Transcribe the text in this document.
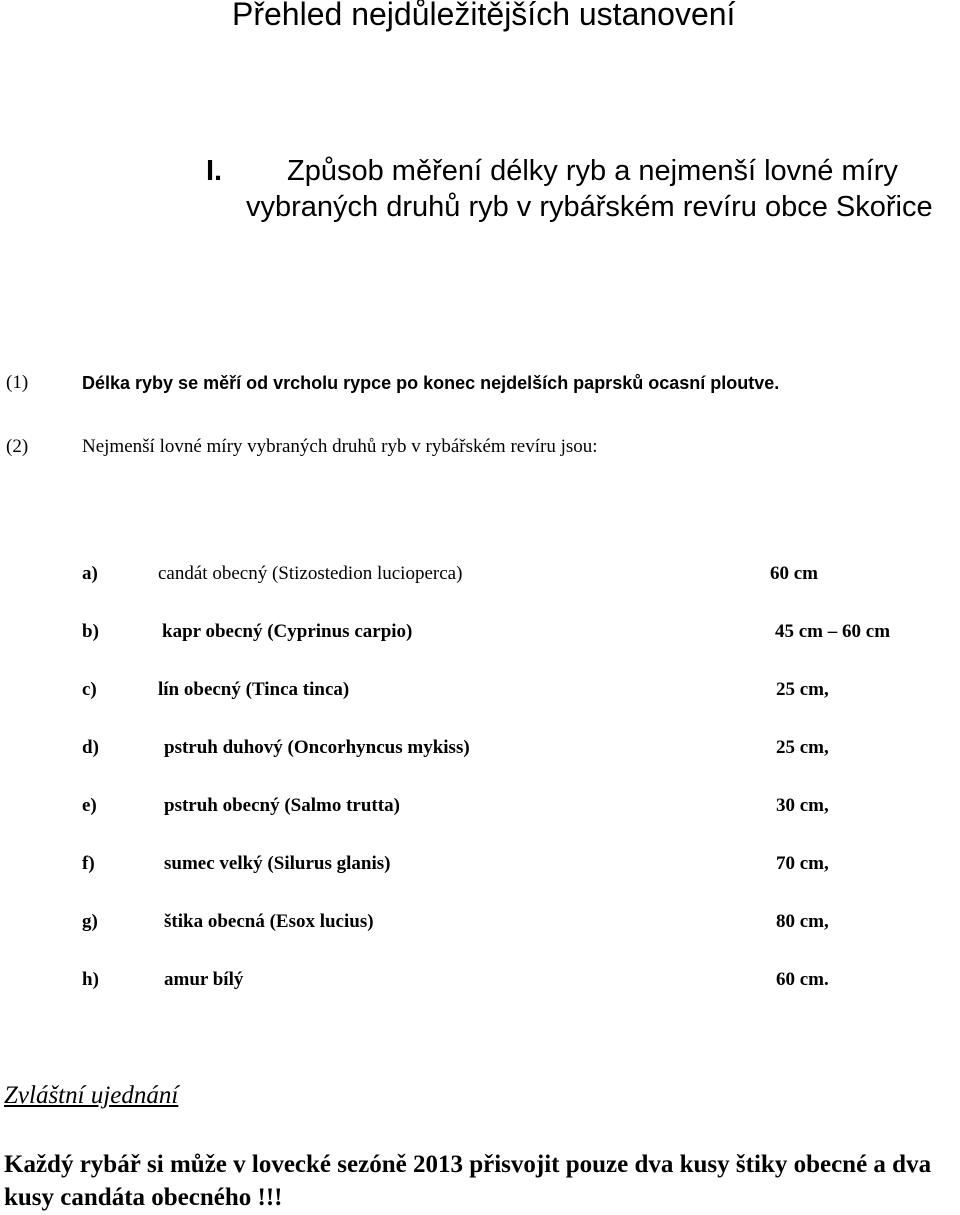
Přehled nejdůležitějších ustanovení
I. Způsob měření délky ryb a nejmenší lovné míry
vybraných druhů ryb v rybářském revíru obce Skořice
(1)	Délka ryby se měří od vrcholu rypce po konec nejdelších paprsků ocasní ploutve.
(2)	Nejmenší lovné míry vybraných druhů ryb v rybářském revíru jsou:
a)	candát obecný (Stizostedion lucioperca)	60 cm
b)	kapr obecný (Cyprinus carpio)	45 cm – 60 cm
c)	lín obecný (Tinca tinca)	25 cm,
d)	pstruh duhový (Oncorhyncus mykiss)	25 cm,
e)	pstruh obecný (Salmo trutta)	30 cm,
f)	sumec velký (Silurus glanis)	70 cm,
g)	štika obecná (Esox lucius)	80 cm,
h)	amur bílý	60 cm.
Zvláštní ujednání
Každý rybář si může v lovecké sezóně 2013 přisvojit pouze dva kusy štiky obecné a dva kusy candáta obecného !!!
